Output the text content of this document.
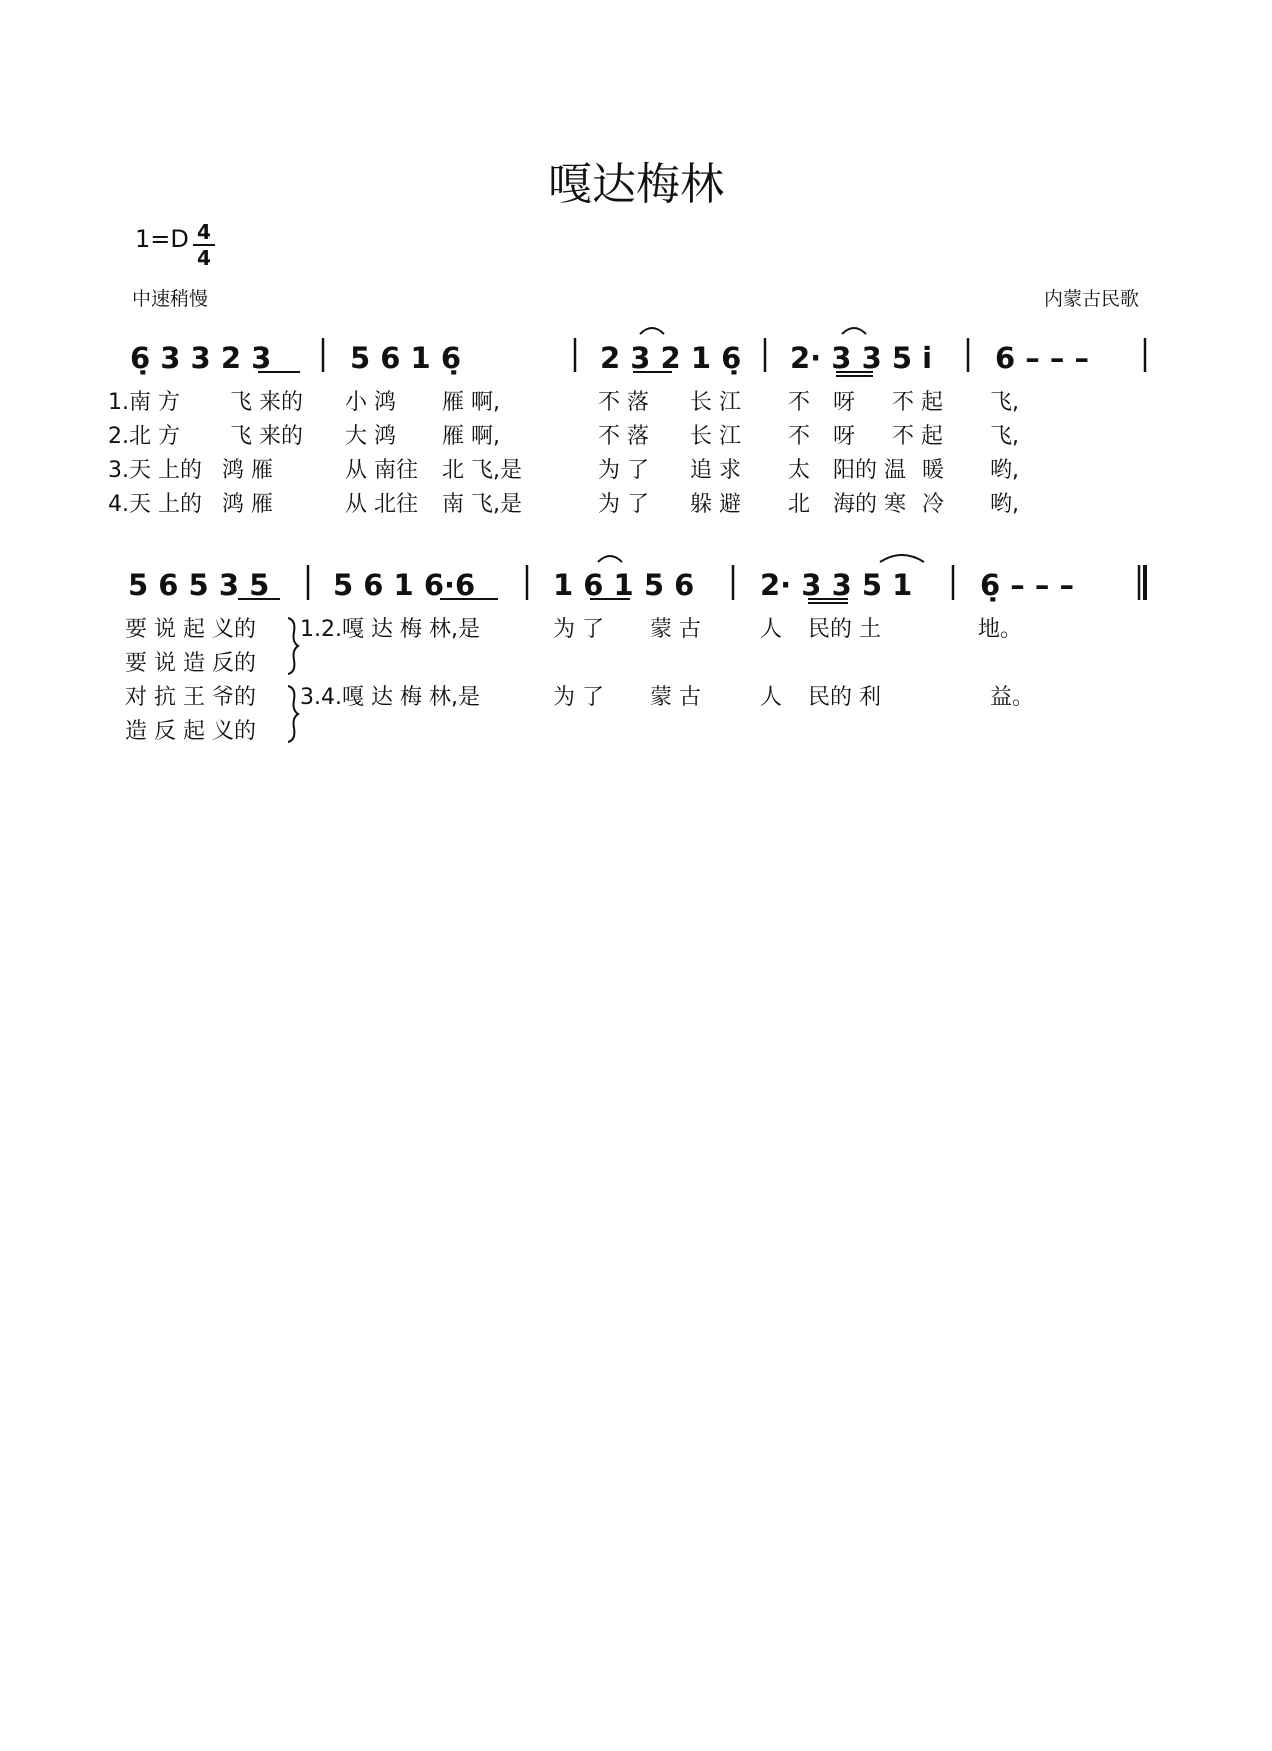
嘎达梅林
1=D 4
4
中速稍慢	内蒙古民歌
6̣ 3 3 2 3	5 6 1 6̣	2 3 2 1 6̣ 2· 3 3 5 i̇ 6 – – –
1.南 方 飞 来的 小 鸿 雁 啊,	不 落 长 江 不 呀 不 起 飞,
2.北 方 飞 来的 大 鸿 雁 啊,	不 落 长 江 不 呀 不 起 飞,
3.天 上的 鸿 雁	从 南往 北 飞,是	为 了 追 求 太 阳的 温 暖 哟,
4.天 上的 鸿 雁	从 北往 南 飞,是	为 了 躲 避 北 海的 寒 冷 哟,
5 6 5 3 5 5 6 1 6·6	1 6 1 5 6 2· 3 3 5 1 6̣ – – –
要 说 起 义的
要 说 造 反的
对 抗 王 爷的
造 反 起 义的
1.2.嘎 达 梅 林,是	为 了 蒙 古	人 民的 土	地。
3.4.嘎 达 梅 林,是	为 了 蒙 古	人 民的 利	益。
